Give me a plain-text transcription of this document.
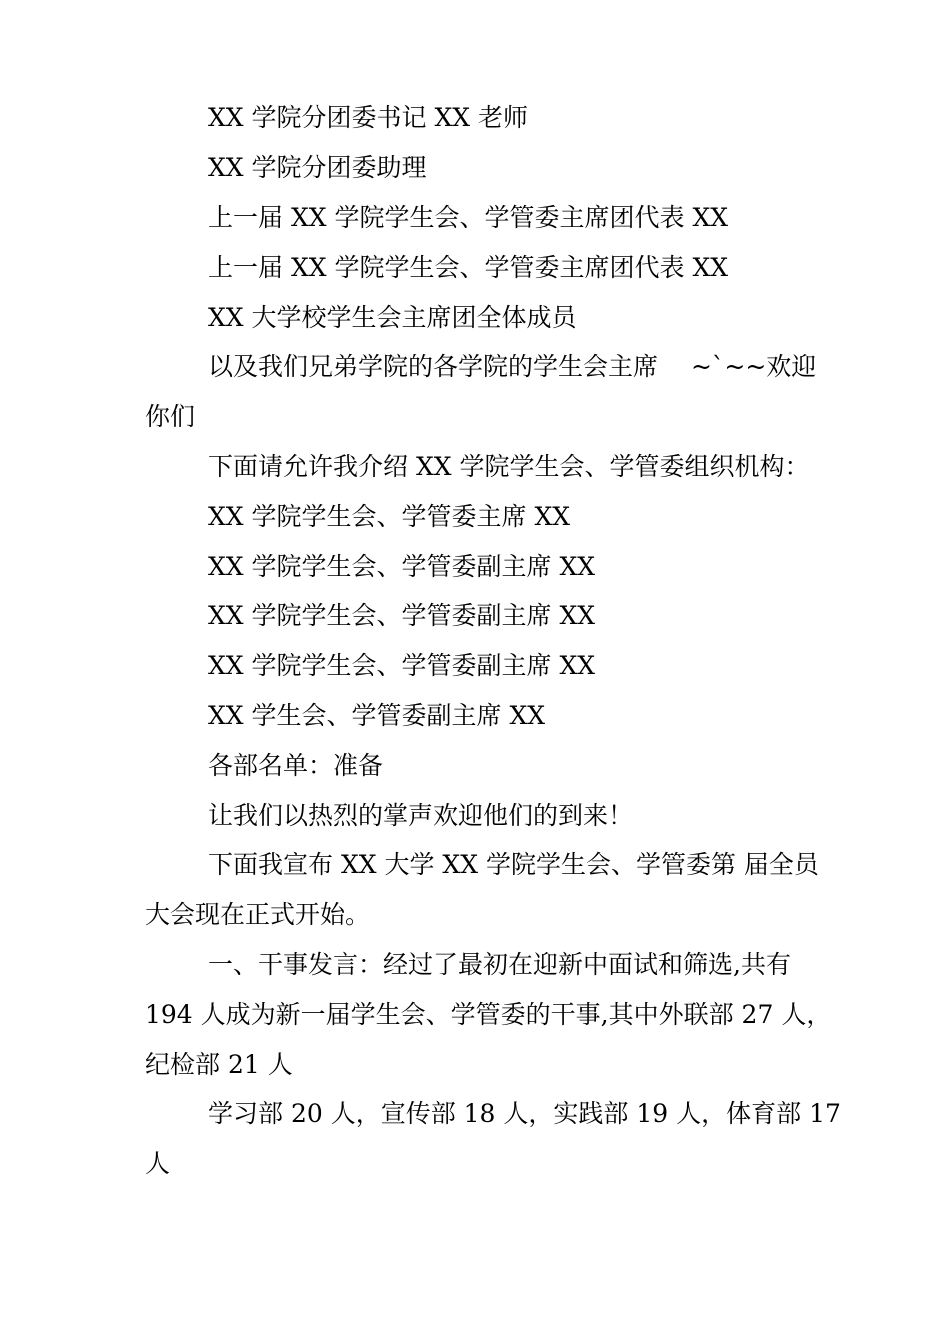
XX 学院分团委书记 XX 老师
XX 学院分团委助理
上一届 XX 学院学生会、学管委主席团代表 XX
上一届 XX 学院学生会、学管委主席团代表 XX
XX 大学校学生会主席团全体成员
以及我们兄弟学院的各学院的学生会主席　 ~`~~欢迎
你们
下面请允许我介绍 XX 学院学生会、学管委组织机构：
XX 学院学生会、学管委主席 XX
XX 学院学生会、学管委副主席 XX
XX 学院学生会、学管委副主席 XX
XX 学院学生会、学管委副主席 XX
XX 学生会、学管委副主席 XX
各部名单：准备
让我们以热烈的掌声欢迎他们的到来！
下面我宣布 XX 大学 XX 学院学生会、学管委第 届全员
大会现在正式开始。
一、干事发言：经过了最初在迎新中面试和筛选,共有
194 人成为新一届学生会、学管委的干事,其中外联部 27 人，
纪检部 21 人
学习部 20 人，宣传部 18 人，实践部 19 人，体育部 17
人
